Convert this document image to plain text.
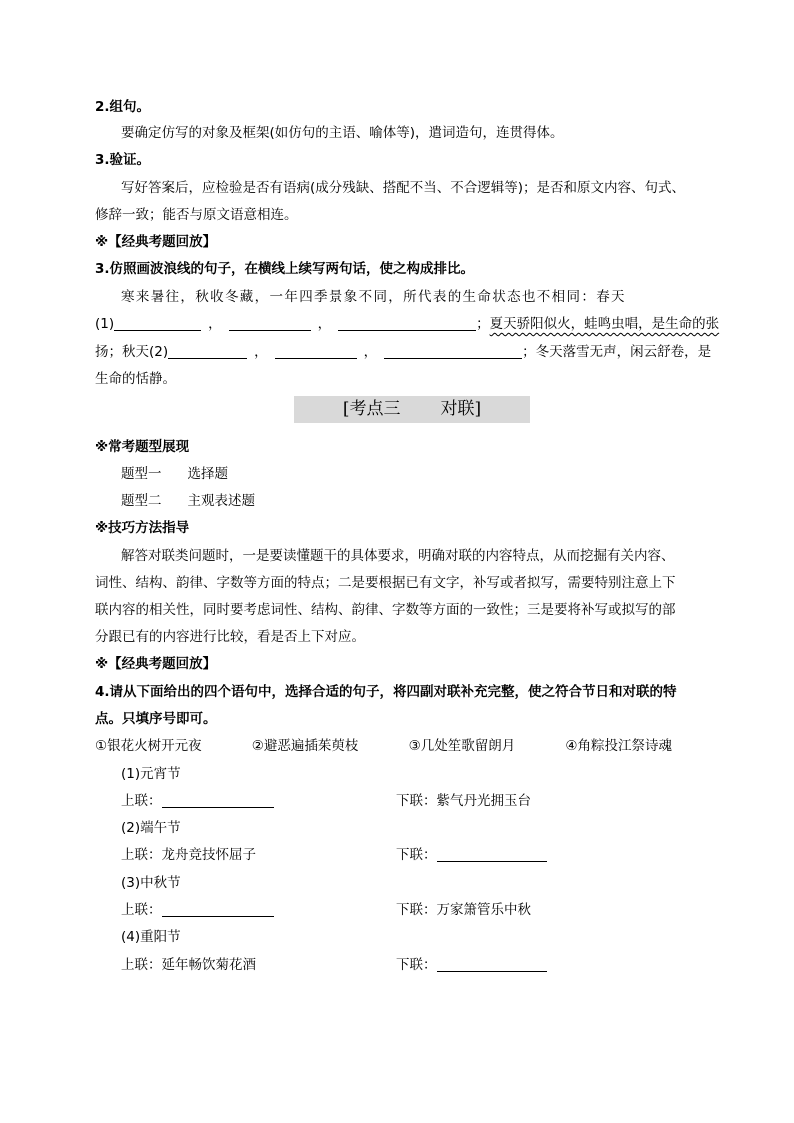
2.组句。
要确定仿写的对象及框架(如仿句的主语、喻体等)，遣词造句，连贯得体。
3.验证。
写好答案后，应检验是否有语病(成分残缺、搭配不当、不合逻辑等)；是否和原文内容、句式、
修辞一致；能否与原文语意相连。
※【经典考题回放】
3.仿照画波浪线的句子，在横线上续写两句话，使之构成排比。
寒来暑往，秋收冬藏，一年四季景象不同，所代表的生命状态也不相同：春天
(1)	，	，	；夏天骄阳似火，蛙鸣虫唱，是生命的张
扬；秋天(2)	，	，	；冬天落雪无声，闲云舒卷，是
生命的恬静。
[考点三 对联]
※常考题型展现
题型一 选择题
题型二 主观表述题
※技巧方法指导
解答对联类问题时，一是要读懂题干的具体要求，明确对联的内容特点，从而挖掘有关内容、
词性、结构、韵律、字数等方面的特点；二是要根据已有文字，补写或者拟写，需要特别注意上下
联内容的相关性，同时要考虑词性、结构、韵律、字数等方面的一致性；三是要将补写或拟写的部
分跟已有的内容进行比较，看是否上下对应。
※【经典考题回放】
4.请从下面给出的四个语句中，选择合适的句子，将四副对联补充完整，使之符合节日和对联的特
点。只填序号即可。
①银花火树开元夜	②避恶遍插茱萸枝	③几处笙歌留朗月	④角粽投江祭诗魂
(1)元宵节
上联：	下联：紫气丹光拥玉台
(2)端午节
上联：龙舟竞技怀屈子	下联：
(3)中秋节
上联：	下联：万家箫管乐中秋
(4)重阳节
上联：延年畅饮菊花酒	下联：
